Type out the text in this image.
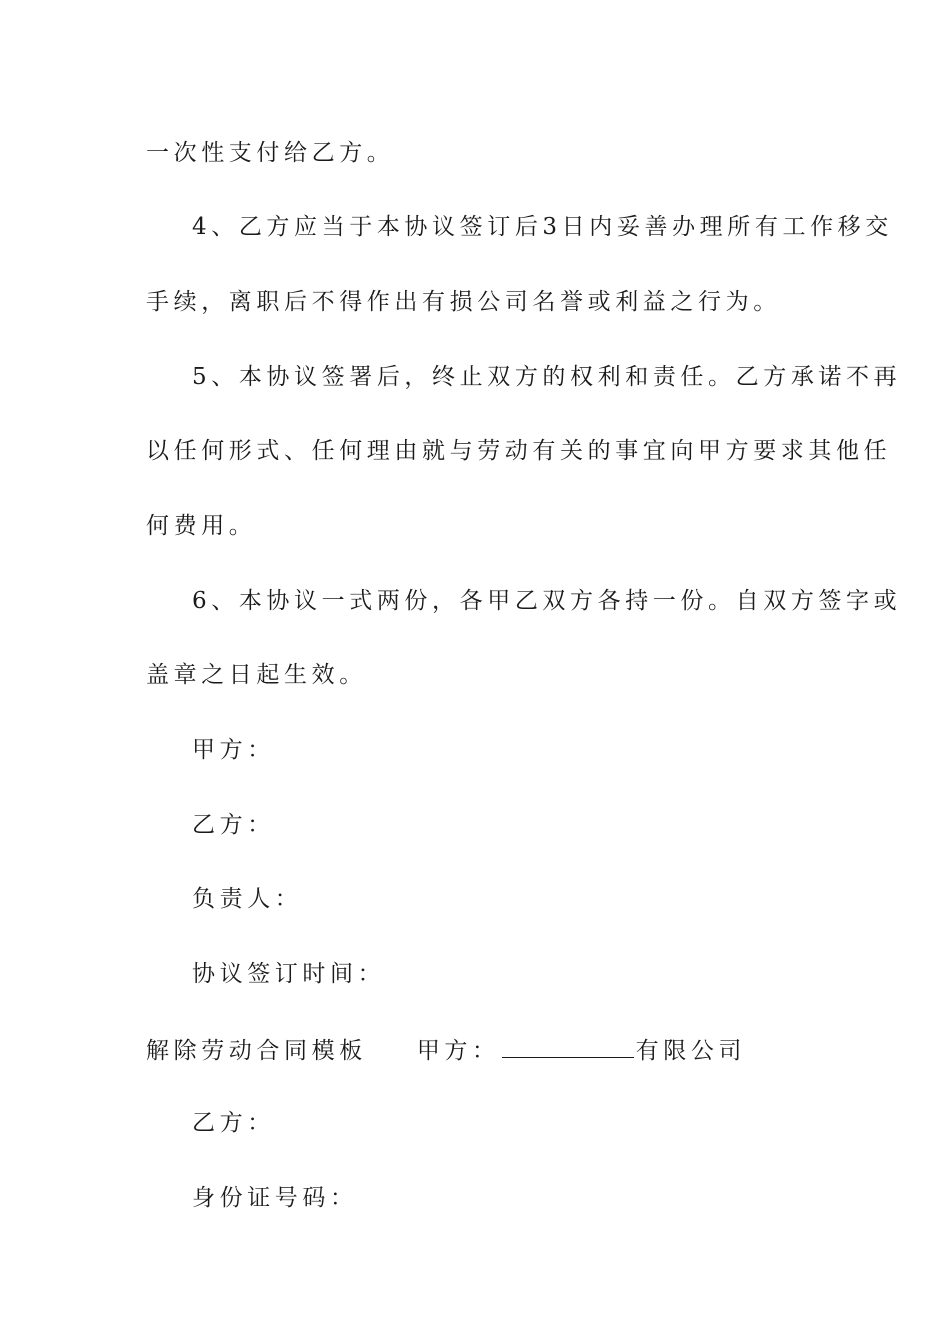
一次性支付给乙方。
4、乙方应当于本协议签订后3日内妥善办理所有工作移交
手续，离职后不得作出有损公司名誉或利益之行为。
5、本协议签署后，终止双方的权利和责任。乙方承诺不再
以任何形式、任何理由就与劳动有关的事宜向甲方要求其他任
何费用。
6、本协议一式两份，各甲乙双方各持一份。自双方签字或
盖章之日起生效。
甲方：
乙方：
负责人：
协议签订时间：
解除劳动合同模板 甲方：	有限公司
乙方：
身份证号码：
